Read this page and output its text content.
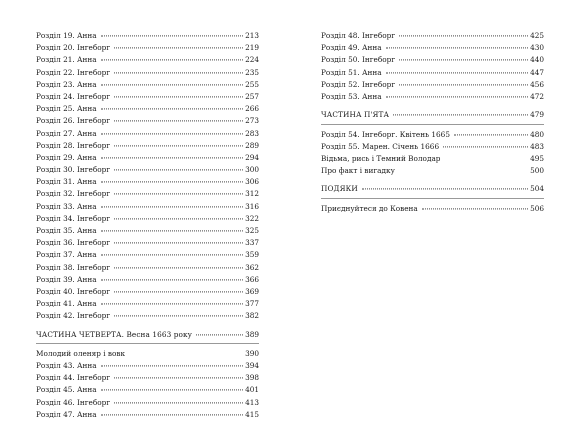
Розділ 19. Анна	213
Розділ 20. Інгеборг	219
Розділ 21. Анна	224
Розділ 22. Інгеборг	235
Розділ 23. Анна	255
Розділ 24. Інгеборг	257
Розділ 25. Анна	266
Розділ 26. Інгеборг	273
Розділ 27. Анна	283
Розділ 28. Інгеборг	289
Розділ 29. Анна	294
Розділ 30. Інгеборг	300
Розділ 31. Анна	306
Розділ 32. Інгеборг	312
Розділ 33. Анна	316
Розділ 34. Інгеборг	322
Розділ 35. Анна	325
Розділ 36. Інгеборг	337
Розділ 37. Анна	359
Розділ 38. Інгеборг	362
Розділ 39. Анна	366
Розділ 40. Інгеборг	369
Розділ 41. Анна	377
Розділ 42. Інгеборг	382
ЧАСТИНА ЧЕТВЕРТА. Весна 1663 року	389
Молодий оленяр і вовк	390
Розділ 43. Анна	394
Розділ 44. Інгеборг	398
Розділ 45. Анна	401
Розділ 46. Інгеборг	413
Розділ 47. Анна	415
Розділ 48. Інгеборг	425
Розділ 49. Анна	430
Розділ 50. Інгеборг	440
Розділ 51. Анна	447
Розділ 52. Інгеборг	456
Розділ 53. Анна	472
ЧАСТИНА П'ЯТА	479
Розділ 54. Інгеборг. Квітень 1665	480
Розділ 55. Марен. Січень 1666	483
Відьма, рись і Темний Володар	495
Про факт і вигадку	500
ПОДЯКИ	504
Приєднуйтеся до Ковена	506
